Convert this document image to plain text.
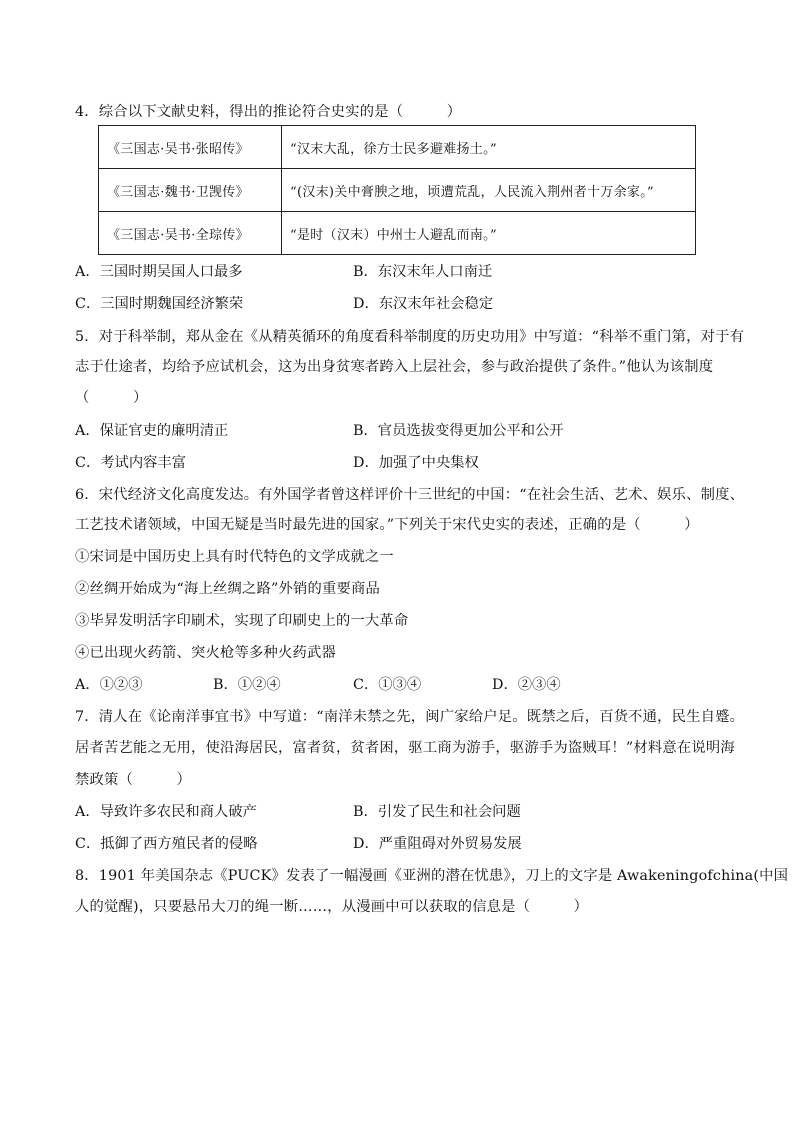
4．综合以下文献史料，得出的推论符合史实的是（　　　）
《三国志·吴书·张昭传》	“汉末大乱，徐方士民多避难扬土。”
《三国志·魏书·卫觊传》	“(汉末)关中膏腴之地，顷遭荒乱，人民流入荆州者十万余家。”
《三国志·吴书·全琮传》	“是时（汉末）中州士人避乱而南。”
A．三国时期吴国人口最多	B．东汉末年人口南迁
C．三国时期魏国经济繁荣	D．东汉末年社会稳定
5．对于科举制，郑从金在《从精英循环的角度看科举制度的历史功用》中写道：“科举不重门第，对于有
志于仕途者，均给予应试机会，这为出身贫寒者跨入上层社会，参与政治提供了条件。”他认为该制度
（　　　）
A．保证官吏的廉明清正	B．官员选拔变得更加公平和公开
C．考试内容丰富	D．加强了中央集权
6．宋代经济文化高度发达。有外国学者曾这样评价十三世纪的中国：“在社会生活、艺术、娱乐、制度、
工艺技术诸领域，中国无疑是当时最先进的国家。”下列关于宋代史实的表述，正确的是（　　　）
①宋词是中国历史上具有时代特色的文学成就之一
②丝绸开始成为“海上丝绸之路”外销的重要商品
③毕昇发明活字印刷术，实现了印刷史上的一大革命
④已出现火药箭、突火枪等多种火药武器
A．①②③	B．①②④	C．①③④	D．②③④
7．清人在《论南洋事宜书》中写道：“南洋未禁之先，闽广家给户足。既禁之后，百货不通，民生自蹙。
居者苦艺能之无用，使沿海居民，富者贫，贫者困，驱工商为游手，驱游手为盗贼耳！”材料意在说明海
禁政策（　　　）
A．导致许多农民和商人破产	B．引发了民生和社会问题
C．抵御了西方殖民者的侵略	D．严重阻碍对外贸易发展
8．1901 年美国杂志《PUCK》发表了一幅漫画《亚洲的潜在忧患》，刀上的文字是 Awakeningofchina(中国
人的觉醒)，只要悬吊大刀的绳一断……，从漫画中可以获取的信息是（　　　）
